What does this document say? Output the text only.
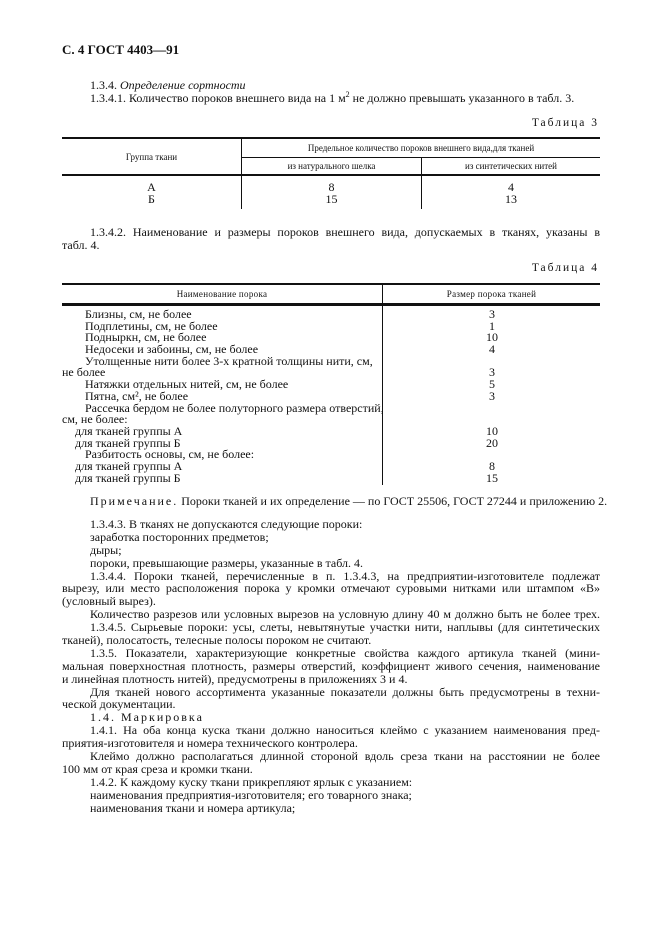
С. 4 ГОСТ 4403—91
1.3.4. Определение сортности
1.3.4.1. Количество пороков внешнего вида на 1 $м^2$ не должно превышать указанного в табл. 3.
Таблица 3
Группа ткани	Предельное количество пороков внешнего вида,для тканей	
	из натурального шелка	из синтетических нитей
А	8	4
Б	15	13
1.3.4.2. Наименование и размеры пороков внешнего вида, допускаемых в тканях, указаны в
табл. 4.
Таблица 4
Наименование порока	Размер порока тканей
Близны, см, не более	3
Подплетины, см, не более	1
Подныркн, см, не более	10
Недосеки и забоины, см, не более	4
Утолщенные нити более 3-х кратной толщины нити, см,
не более	3
Натяжки отдельных нитей, см, не более	5
Пятна, см², не более	3
Рассечка бердом не более полуторного размера отверстий,
см, не более:
для тканей группы А	10
для тканей группы Б	20
Разбитость основы, см, не более:
для тканей группы А	8
для тканей группы Б	15
Примечание. Пороки тканей и их определение — по ГОСТ 25506, ГОСТ 27244 и приложению 2.
1.3.4.3. В тканях не допускаются следующие пороки:
заработка посторонних предметов;
дыры;
пороки, превышающие размеры, указанные в табл. 4.
1.3.4.4. Пороки тканей, перечисленные в п. 1.3.4.3, на предприятии-изготовителе подлежат
вырезу, или место расположения порока у кромки отмечают суровыми нитками или штампом «В»
(условный вырез).
Количество разрезов или условных вырезов на условную длину 40 м должно быть не более трех.
1.3.4.5. Сырьевые пороки: усы, слеты, невытянутые участки нити, наплывы (для синтетических
тканей), полосатость, телесные полосы пороком не считают.
1.3.5. Показатели, характеризующие конкретные свойства каждого артикула тканей (мини-
мальная поверхностная плотность, размеры отверстий, коэффициент живого сечения, наименование
и линейная плотность нитей), предусмотрены в приложениях 3 и 4.
Для тканей нового ассортимента указанные показатели должны быть предусмотрены в техни-
ческой документации.
1.4. Маркировка
1.4.1. На оба конца куска ткани должно наноситься клеймо с указанием наименования пред-
приятия-изготовителя и номера технического контролера.
Клеймо должно располагаться длинной стороной вдоль среза ткани на расстоянии не более
100 мм от края среза и кромки ткани.
1.4.2. К каждому куску ткани прикрепляют ярлык с указанием:
наименования предприятия-изготовителя; его товарного знака;
наименования ткани и номера артикула;
